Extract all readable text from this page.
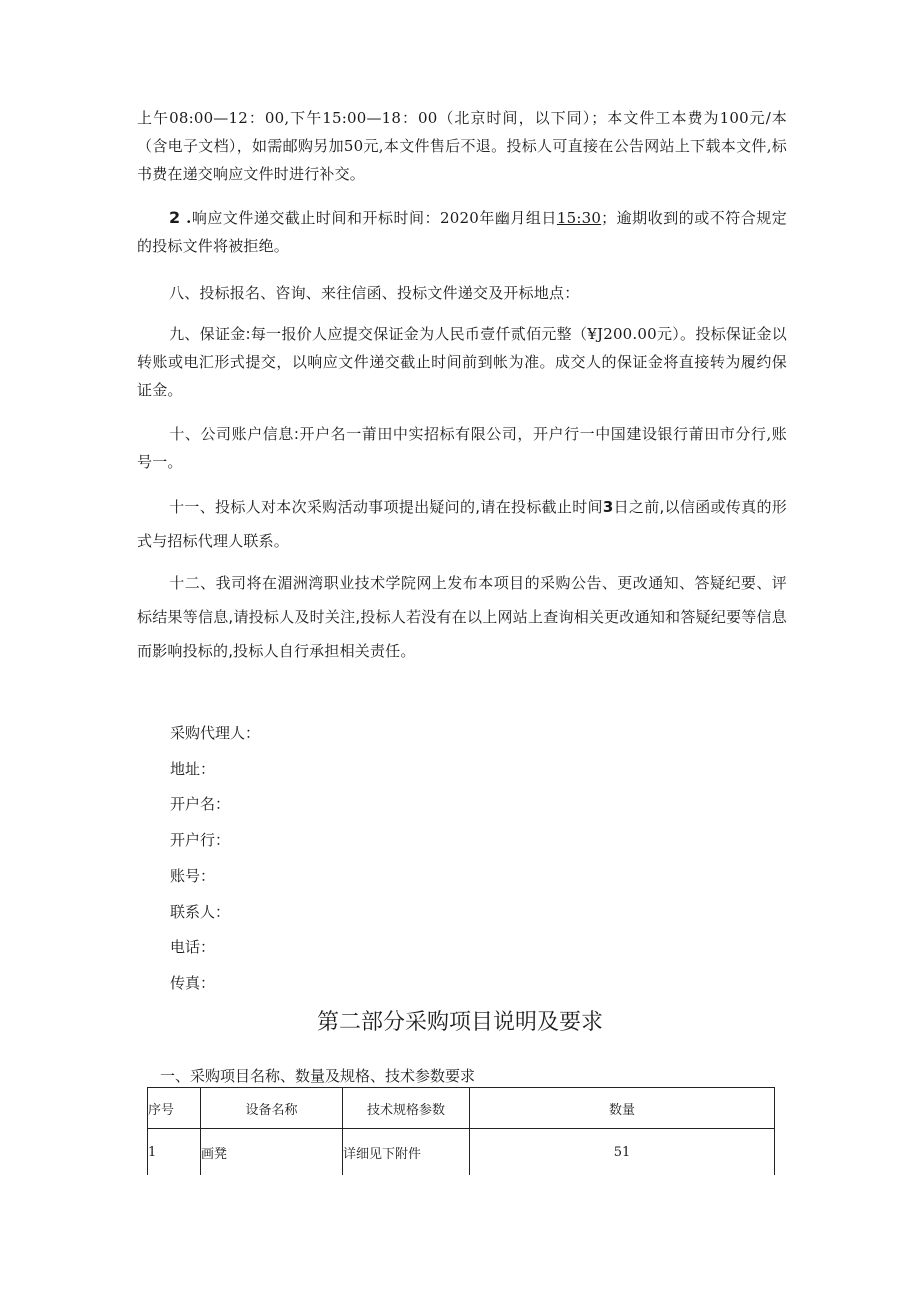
上午08:00—12：00,下午15:00—18：00（北京时间，以下同）；本文件工本费为100元/本（含电子文档），如需邮购另加50元,本文件售后不退。投标人可直接在公告网站上下载本文件,标书费在递交响应文件时进行补交。
2 .响应文件递交截止时间和开标时间：2020年幽月组日15:30；逾期收到的或不符合规定的投标文件将被拒绝。
八、投标报名、咨询、来往信函、投标文件递交及开标地点：
九、保证金:每一报价人应提交保证金为人民币壹仟贰佰元整（¥J200.00元）。投标保证金以转账或电汇形式提交，以响应文件递交截止时间前到帐为准。成交人的保证金将直接转为履约保证金。
十、公司账户信息:开户名一莆田中实招标有限公司，开户行一中国建设银行莆田市分行,账号一。
十一、投标人对本次采购活动事项提出疑问的,请在投标截止时间3日之前,以信函或传真的形式与招标代理人联系。
十二、我司将在湄洲湾职业技术学院网上发布本项目的采购公告、更改通知、答疑纪要、评标结果等信息,请投标人及时关注,投标人若没有在以上网站上查询相关更改通知和答疑纪要等信息而影响投标的,投标人自行承担相关责任。
采购代理人：
地址：
开户名：
开户行：
账号：
联系人：
电话：
传真：
第二部分采购项目说明及要求
一、采购项目名称、数量及规格、技术参数要求
序号	设备名称	技术规格参数	数量
1	画凳	详细见下附件	51
